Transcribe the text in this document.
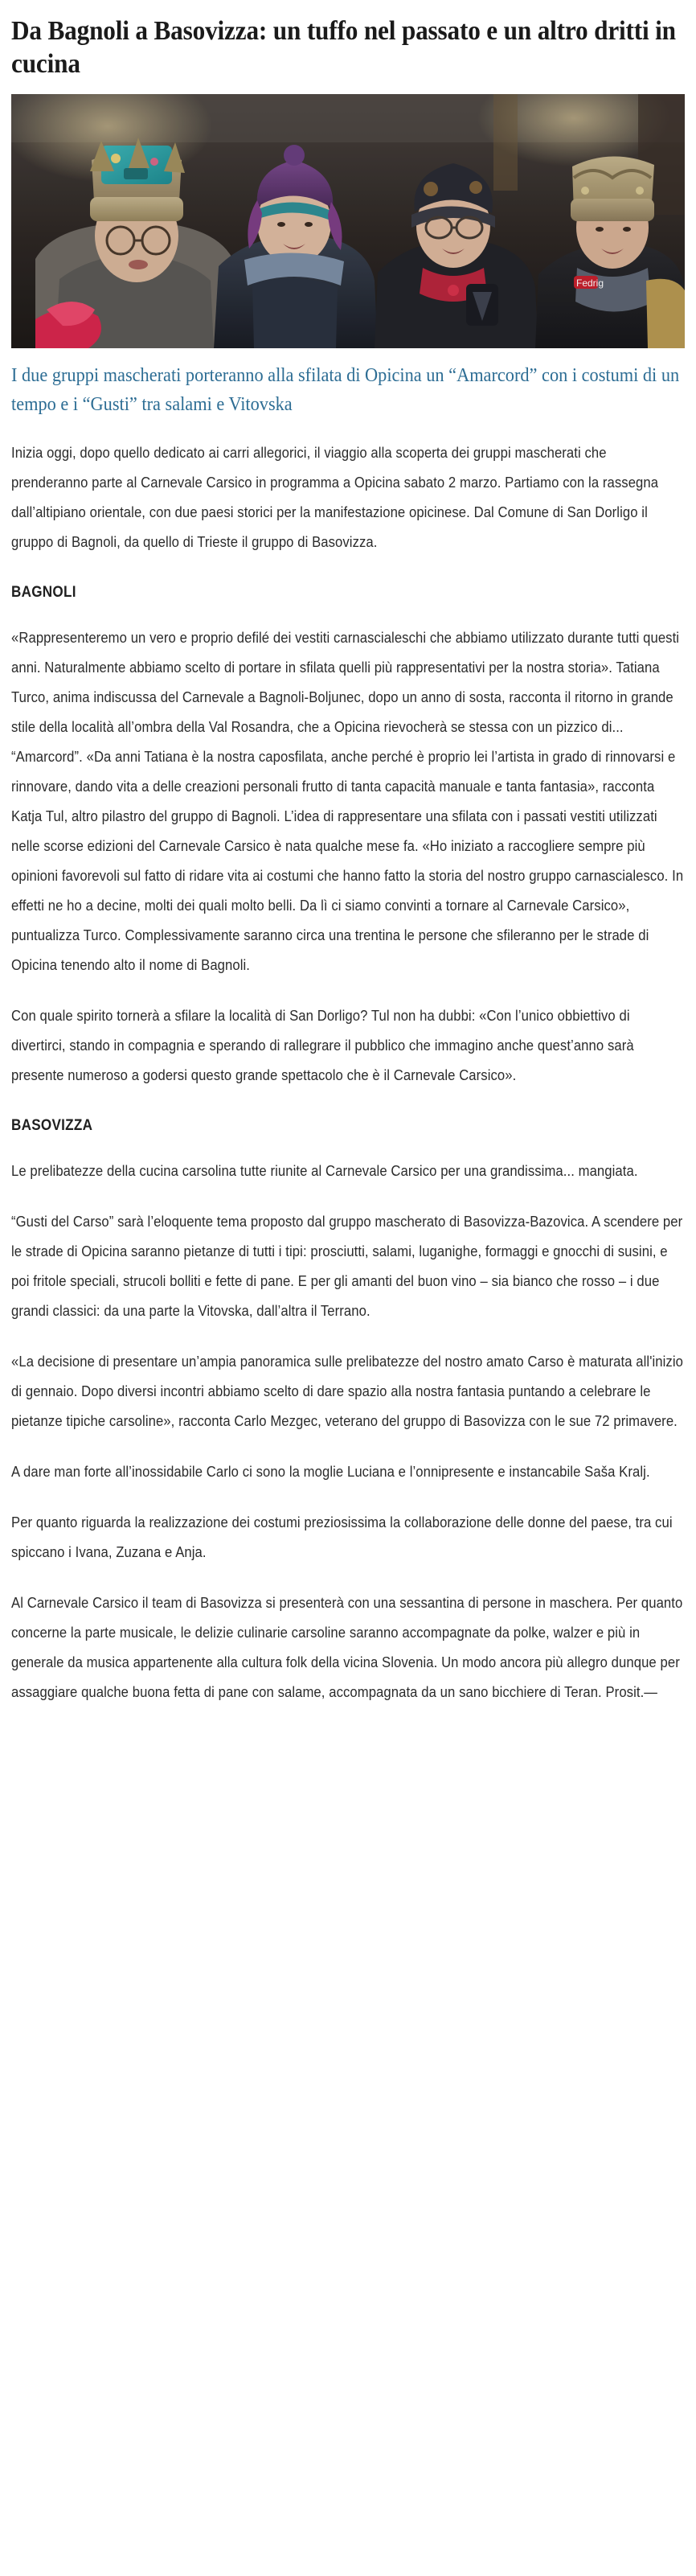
Da Bagnoli a Basovizza: un tuffo nel passato e un altro dritti in cucina
Fedrig

I due gruppi mascherati porteranno alla sfilata di Opicina un “Amarcord” con i costumi di un tempo e i “Gusti” tra salami e Vitovska

Inizia oggi, dopo quello dedicato ai carri allegorici, il viaggio alla scoperta dei gruppi mascherati che prenderanno parte al Carnevale Carsico in programma a Opicina sabato 2 marzo. Partiamo con la rassegna dall’altipiano orientale, con due paesi storici per la manifestazione opicinese. Dal Comune di San Dorligo il gruppo di Bagnoli, da quello di Trieste il gruppo di Basovizza.

BAGNOLI

«Rappresenteremo un vero e proprio defilé dei vestiti carnascialeschi che abbiamo utilizzato durante tutti questi anni. Naturalmente abbiamo scelto di portare in sfilata quelli più rappresentativi per la nostra storia». Tatiana Turco, anima indiscussa del Carnevale a Bagnoli-Boljunec, dopo un anno di sosta, racconta il ritorno in grande stile della località all’ombra della Val Rosandra, che a Opicina rievocherà se stessa con un pizzico di... “Amarcord”. «Da anni Tatiana è la nostra caposfilata, anche perché è proprio lei l’artista in grado di rinnovarsi e rinnovare, dando vita a delle creazioni personali frutto di tanta capacità manuale e tanta fantasia», racconta Katja Tul, altro pilastro del gruppo di Bagnoli. L’idea di rappresentare una sfilata con i passati vestiti utilizzati nelle scorse edizioni del Carnevale Carsico è nata qualche mese fa. «Ho iniziato a raccogliere sempre più opinioni favorevoli sul fatto di ridare vita ai costumi che hanno fatto la storia del nostro gruppo carnascialesco. In effetti ne ho a decine, molti dei quali molto belli. Da lì ci siamo convinti a tornare al Carnevale Carsico», puntualizza Turco. Complessivamente saranno circa una trentina le persone che sfileranno per le strade di Opicina tenendo alto il nome di Bagnoli.

Con quale spirito tornerà a sfilare la località di San Dorligo? Tul non ha dubbi: «Con l’unico obbiettivo di divertirci, stando in compagnia e sperando di rallegrare il pubblico che immagino anche quest’anno sarà presente numeroso a godersi questo grande spettacolo che è il Carnevale Carsico».

BASOVIZZA

Le prelibatezze della cucina carsolina tutte riunite al Carnevale Carsico per una grandissima... mangiata.

“Gusti del Carso” sarà l’eloquente tema proposto dal gruppo mascherato di Basovizza-Bazovica. A scendere per le strade di Opicina saranno pietanze di tutti i tipi: prosciutti, salami, luganighe, formaggi e gnocchi di susini, e poi fritole speciali, strucoli bolliti e fette di pane. E per gli amanti del buon vino – sia bianco che rosso – i due grandi classici: da una parte la Vitovska, dall’altra il Terrano.

«La decisione di presentare un’ampia panoramica sulle prelibatezze del nostro amato Carso è maturata all'inizio di gennaio. Dopo diversi incontri abbiamo scelto di dare spazio alla nostra fantasia puntando a celebrare le pietanze tipiche carsoline», racconta Carlo Mezgec, veterano del gruppo di Basovizza con le sue 72 primavere.

A dare man forte all’inossidabile Carlo ci sono la moglie Luciana e l’onnipresente e instancabile Saša Kralj.

Per quanto riguarda la realizzazione dei costumi preziosissima la collaborazione delle donne del paese, tra cui spiccano i Ivana, Zuzana e Anja.

Al Carnevale Carsico il team di Basovizza si presenterà con una sessantina di persone in maschera. Per quanto concerne la parte musicale, le delizie culinarie carsoline saranno accompagnate da polke, walzer e più in generale da musica appartenente alla cultura folk della vicina Slovenia. Un modo ancora più allegro dunque per assaggiare qualche buona fetta di pane con salame, accompagnata da un sano bicchiere di Teran. Prosit.—
